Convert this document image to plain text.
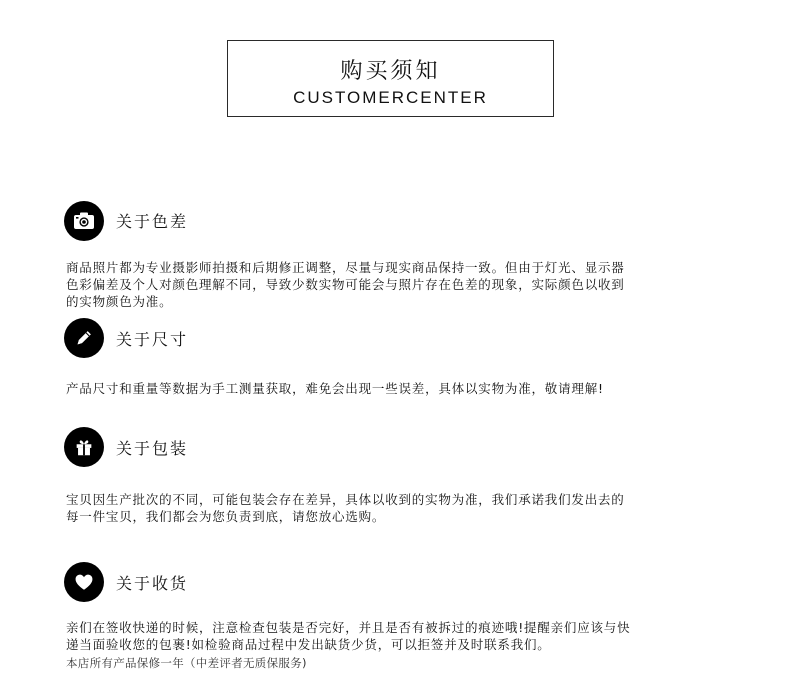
购买须知
CUSTOMERCENTER
关于色差
商品照片都为专业摄影师拍摄和后期修正调整，尽量与现实商品保持一致。但由于灯光、显示器
色彩偏差及个人对颜色理解不同，导致少数实物可能会与照片存在色差的现象，实际颜色以收到
的实物颜色为准。
关于尺寸
产品尺寸和重量等数据为手工测量获取，难免会出现一些误差，具体以实物为准，敬请理解!
关于包装
宝贝因生产批次的不同，可能包装会存在差异，具体以收到的实物为准，我们承诺我们发出去的
每一件宝贝，我们都会为您负责到底，请您放心选购。
关于收货
亲们在签收快递的时候，注意检查包装是否完好，并且是否有被拆过的痕迹哦!提醒亲们应该与快
递当面验收您的包裹!如检验商品过程中发出缺货少货，可以拒签并及时联系我们。
本店所有产品保修一年（中差评者无质保服务)
